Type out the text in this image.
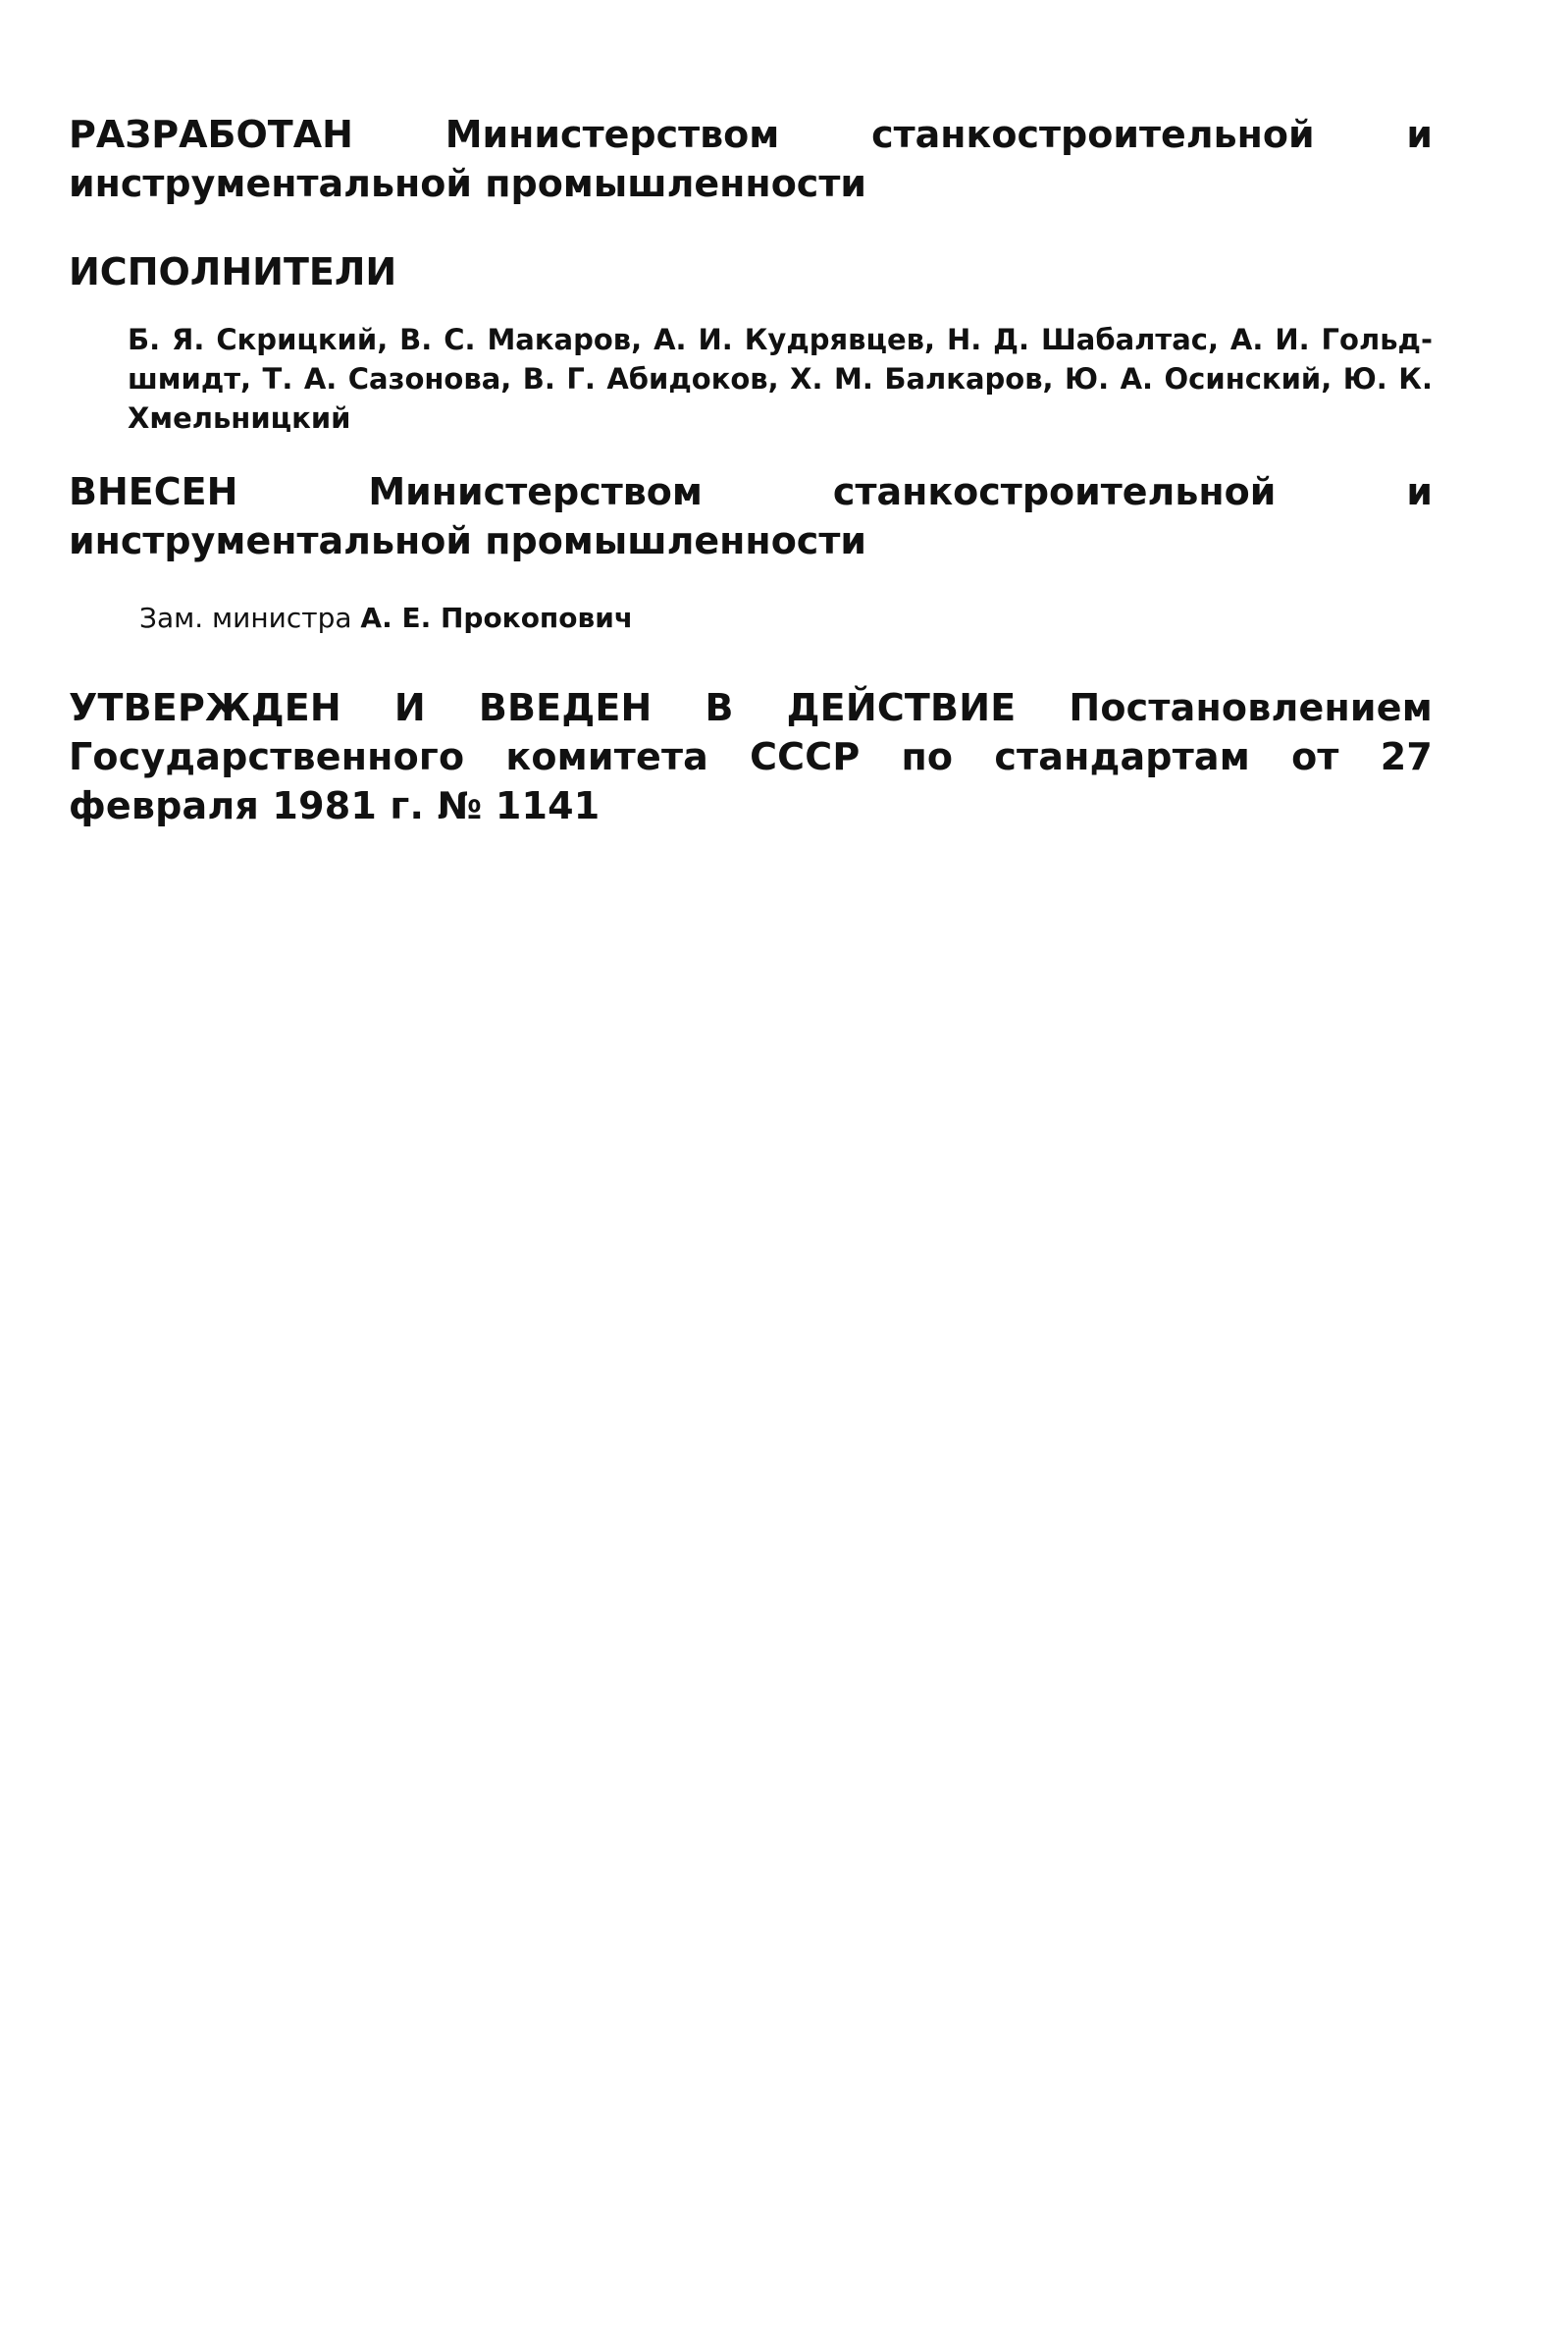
РАЗРАБОТАН Министерством станкостроительной и инструментальной промышленности

ИСПОЛНИТЕЛИ

Б. Я. Скрицкий, В. С. Макаров, А. И. Кудрявцев, Н. Д. Шабалтас, А. И. Гольдшмидт, Т. А. Сазонова, В. Г. Абидоков, Х. М. Балкаров, Ю. А. Осинский, Ю. К. Хмельницкий

ВНЕСЕН	Министерством станкостроительной и инструментальной промышленности

Зам. министра А. Е. Прокопович

УТВЕРЖДЕН И ВВЕДЕН В ДЕЙСТВИЕ Постановлением Государственного комитета СССР по стандартам от 27 февраля 1981 г. № 1141
